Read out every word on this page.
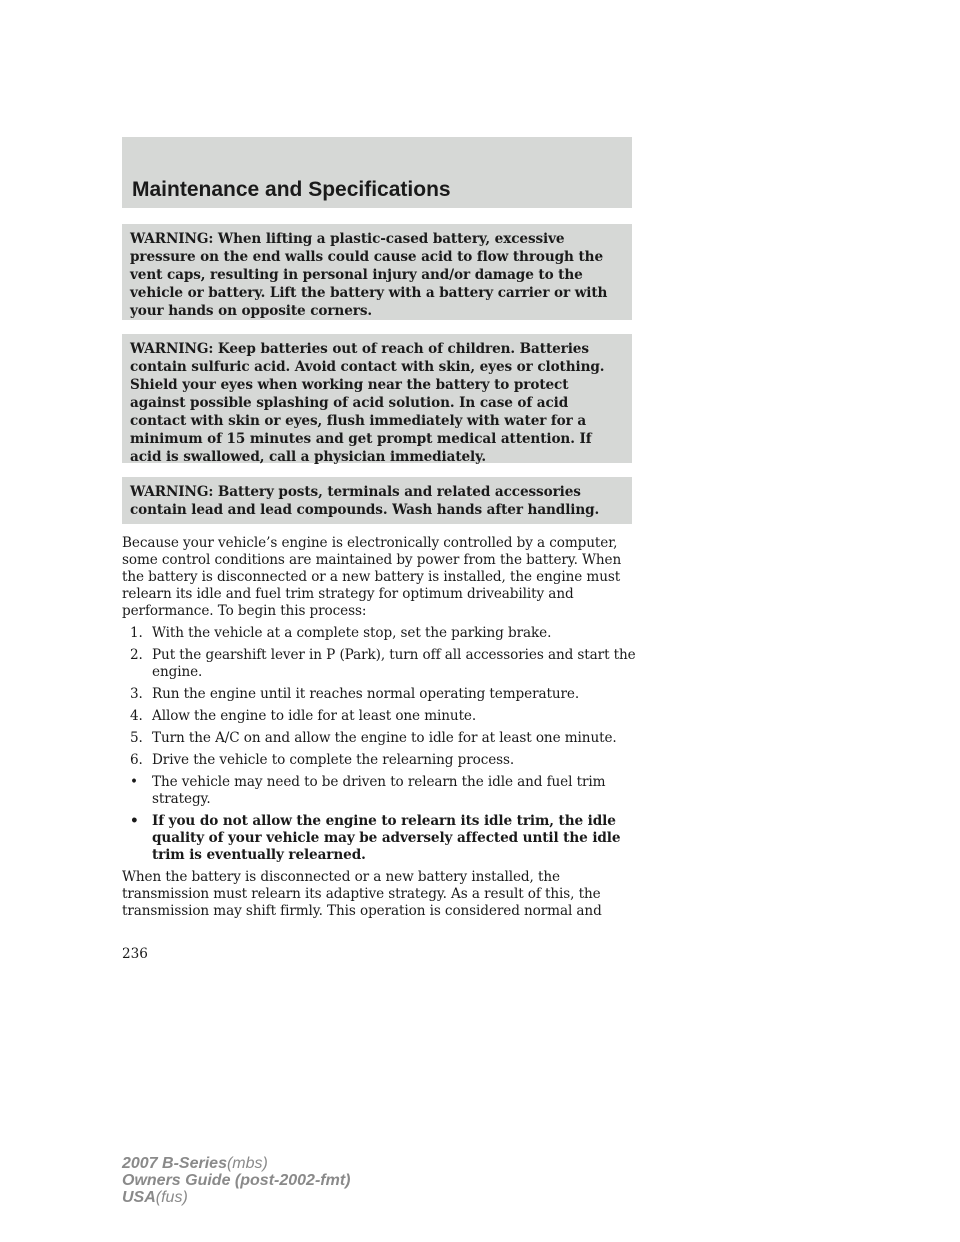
Maintenance and Specifications

WARNING: When lifting a plastic-cased battery, excessive pressure on the end walls could cause acid to flow through the vent caps, resulting in personal injury and/or damage to the vehicle or battery. Lift the battery with a battery carrier or with your hands on opposite corners.

WARNING: Keep batteries out of reach of children. Batteries contain sulfuric acid. Avoid contact with skin, eyes or clothing. Shield your eyes when working near the battery to protect against possible splashing of acid solution. In case of acid contact with skin or eyes, flush immediately with water for a minimum of 15 minutes and get prompt medical attention. If acid is swallowed, call a physician immediately.

WARNING: Battery posts, terminals and related accessories contain lead and lead compounds. Wash hands after handling.

Because your vehicle’s engine is electronically controlled by a computer, some control conditions are maintained by power from the battery. When the battery is disconnected or a new battery is installed, the engine must relearn its idle and fuel trim strategy for optimum driveability and performance. To begin this process:

1. With the vehicle at a complete stop, set the parking brake.
2. Put the gearshift lever in P (Park), turn off all accessories and start the engine.
3. Run the engine until it reaches normal operating temperature.
4. Allow the engine to idle for at least one minute.
5. Turn the A/C on and allow the engine to idle for at least one minute.
6. Drive the vehicle to complete the relearning process.
• The vehicle may need to be driven to relearn the idle and fuel trim strategy.
• If you do not allow the engine to relearn its idle trim, the idle quality of your vehicle may be adversely affected until the idle trim is eventually relearned.

When the battery is disconnected or a new battery installed, the transmission must relearn its adaptive strategy. As a result of this, the transmission may shift firmly. This operation is considered normal and

236

2007 B-Series(mbs)
Owners Guide (post-2002-fmt)
USA(fus)
